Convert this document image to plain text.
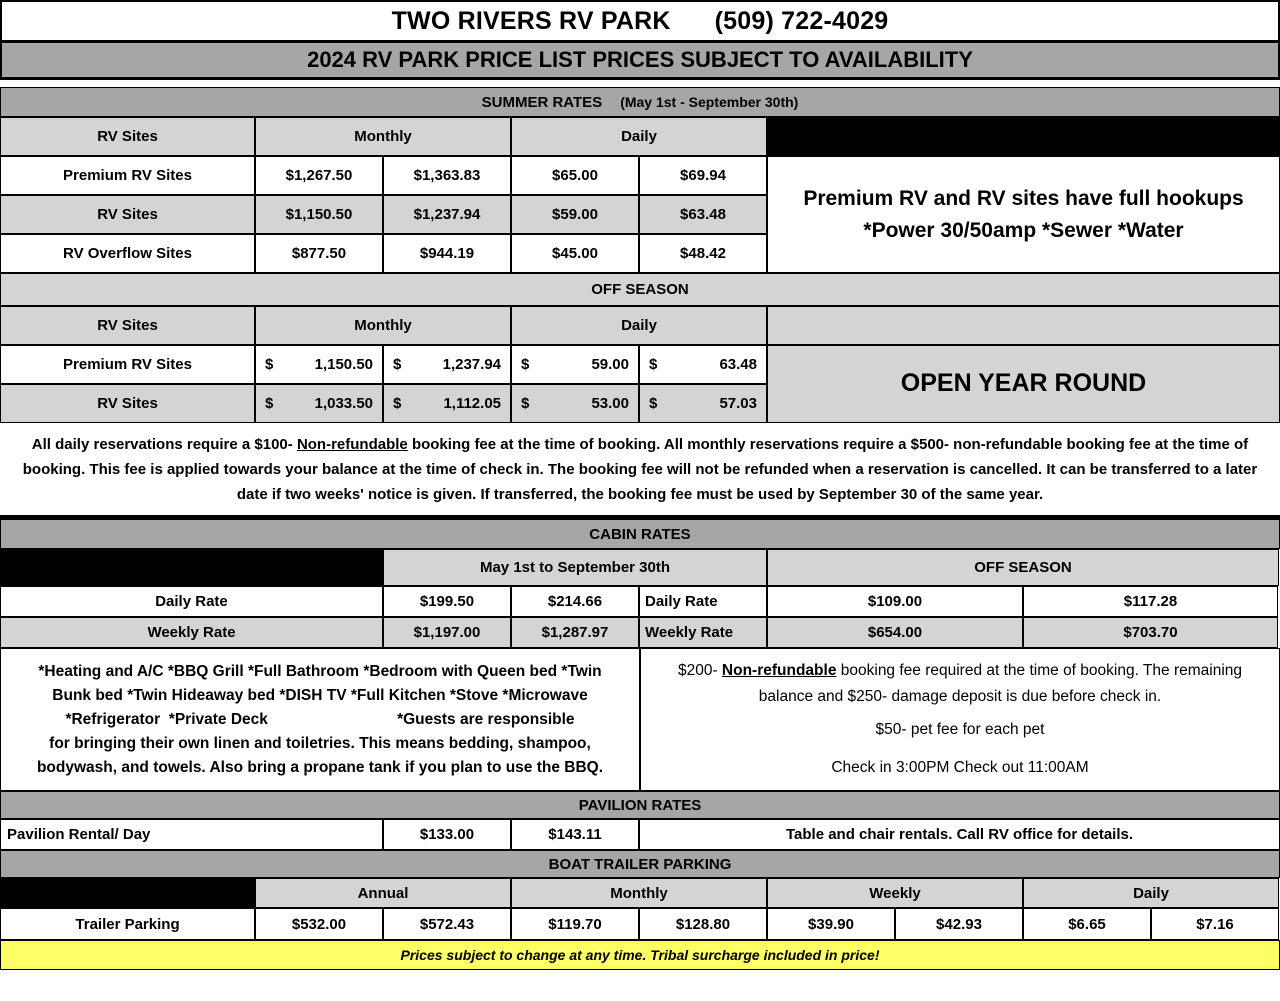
TWO RIVERS RV PARK (509) 722-4029
2024 RV PARK PRICE LIST PRICES SUBJECT TO AVAILABILITY
SUMMER RATES (May 1st - September 30th)
RV Sites	Monthly	Daily
Premium RV Sites	$1,267.50	$1,363.83	$65.00	$69.94
RV Sites	$1,150.50	$1,237.94	$59.00	$63.48
RV Overflow Sites	$877.50	$944.19	$45.00	$48.42
Premium RV and RV sites have full hookups
*Power 30/50amp *Sewer *Water
OFF SEASON
RV Sites	Monthly	Daily
Premium RV Sites	$	1,150.50 $	1,237.94 $	59.00 $	63.48
RV Sites	$	1,033.50 $	1,112.05 $	53.00 $	57.03
OPEN YEAR ROUND
All daily reservations require a $100- Non-refundable booking fee at the time of booking. All monthly reservations require a $500- non-refundable booking fee at the time of booking. This fee is applied towards your balance at the time of check in. The booking fee will not be refunded when a reservation is cancelled. It can be transferred to a later date if two weeks' notice is given. If transferred, the booking fee must be used by September 30 of the same year.
CABIN RATES
May 1st to September 30th	OFF SEASON
Daily Rate	$199.50	$214.66	Daily Rate	$109.00	$117.28
Weekly Rate	$1,197.00	$1,287.97	Weekly Rate	$654.00	$703.70
*Heating and A/C *BBQ Grill *Full Bathroom *Bedroom with Queen bed *Twin
Bunk bed *Twin Hideaway bed *DISH TV *Full Kitchen *Stove *Microwave
*Refrigerator  *Private Deck                              *Guests are responsible
for bringing their own linen and toiletries. This means bedding, shampoo,
bodywash, and towels. Also bring a propane tank if you plan to use the BBQ.
$200- Non-refundable booking fee required at the time of booking. The remaining balance and $250- damage deposit is due before check in.
$50- pet fee for each pet
Check in 3:00PM Check out 11:00AM
PAVILION RATES
Pavilion Rental/ Day	$133.00	$143.11	Table and chair rentals. Call RV office for details.
BOAT TRAILER PARKING
Annual	Monthly	Weekly	Daily
Trailer Parking	$532.00	$572.43	$119.70	$128.80	$39.90	$42.93	$6.65	$7.16
Prices subject to change at any time. Tribal surcharge included in price!
